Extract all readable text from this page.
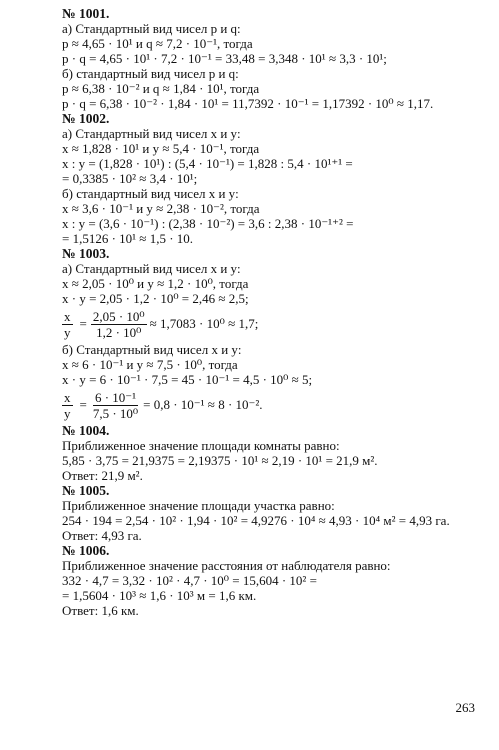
№ 1001.
а) Стандартный вид чисел p и q:
p ≈ 4,65 · 10¹ и q ≈ 7,2 · 10⁻¹, тогда
p · q = 4,65 · 10¹ · 7,2 · 10⁻¹ = 33,48 = 3,348 · 10¹ ≈ 3,3 · 10¹;
б) стандартный вид чисел p и q:
p ≈ 6,38 · 10⁻² и q ≈ 1,84 · 10¹, тогда
p · q = 6,38 · 10⁻² · 1,84 · 10¹ = 11,7392 · 10⁻¹ = 1,17392 · 10⁰ ≈ 1,17.
№ 1002.
а) Стандартный вид чисел x и y:
x ≈ 1,828 · 10¹ и y ≈ 5,4 · 10⁻¹, тогда
x : y = (1,828 · 10¹) : (5,4 · 10⁻¹) = 1,828 : 5,4 · 10¹⁺¹ =
= 0,3385 · 10² ≈ 3,4 · 10¹;
б) стандартный вид чисел x и y:
x ≈ 3,6 · 10⁻¹ и y ≈ 2,38 · 10⁻², тогда
x : y = (3,6 · 10⁻¹) : (2,38 · 10⁻²) = 3,6 : 2,38 · 10⁻¹⁺² =
= 1,5126 · 10¹ ≈ 1,5 · 10.
№ 1003.
а) Стандартный вид чисел x и y:
x ≈ 2,05 · 10⁰ и y ≈ 1,2 · 10⁰, тогда
x · y = 2,05 · 1,2 · 10⁰ = 2,46 ≈ 2,5;
$\frac{x}{y} = \frac{\text{2,05 · 10⁰}}{\text{1,2 · 10⁰}} \approx 1,7083 \cdot 10^0 \approx 1,7$;
б) Стандартный вид чисел x и y:
x ≈ 6 · 10⁻¹ и y ≈ 7,5 · 10⁰, тогда
x · y = 6 · 10⁻¹ · 7,5 = 45 · 10⁻¹ = 4,5 · 10⁰ ≈ 5;
$\frac{x}{y} = \frac{\text{6 · 10⁻¹}}{\text{7,5 · 10⁰}} = 0,8 \cdot 10^{-1} \approx 8 \cdot 10^{-2}$.
№ 1004.
Приближенное значение площади комнаты равно:
5,85 · 3,75 = 21,9375 = 2,19375 · 10¹ ≈ 2,19 · 10¹ = 21,9 м².
Ответ: 21,9 м².
№ 1005.
Приближенное значение площади участка равно:
254 · 194 = 2,54 · 10² · 1,94 · 10² = 4,9276 · 10⁴ ≈ 4,93 · 10⁴ м² = 4,93 га.
Ответ: 4,93 га.
№ 1006.
Приближенное значение расстояния от наблюдателя равно:
332 · 4,7 = 3,32 · 10² · 4,7 · 10⁰ = 15,604 · 10² =
= 1,5604 · 10³ ≈ 1,6 · 10³ м = 1,6 км.
Ответ: 1,6 км.
263
